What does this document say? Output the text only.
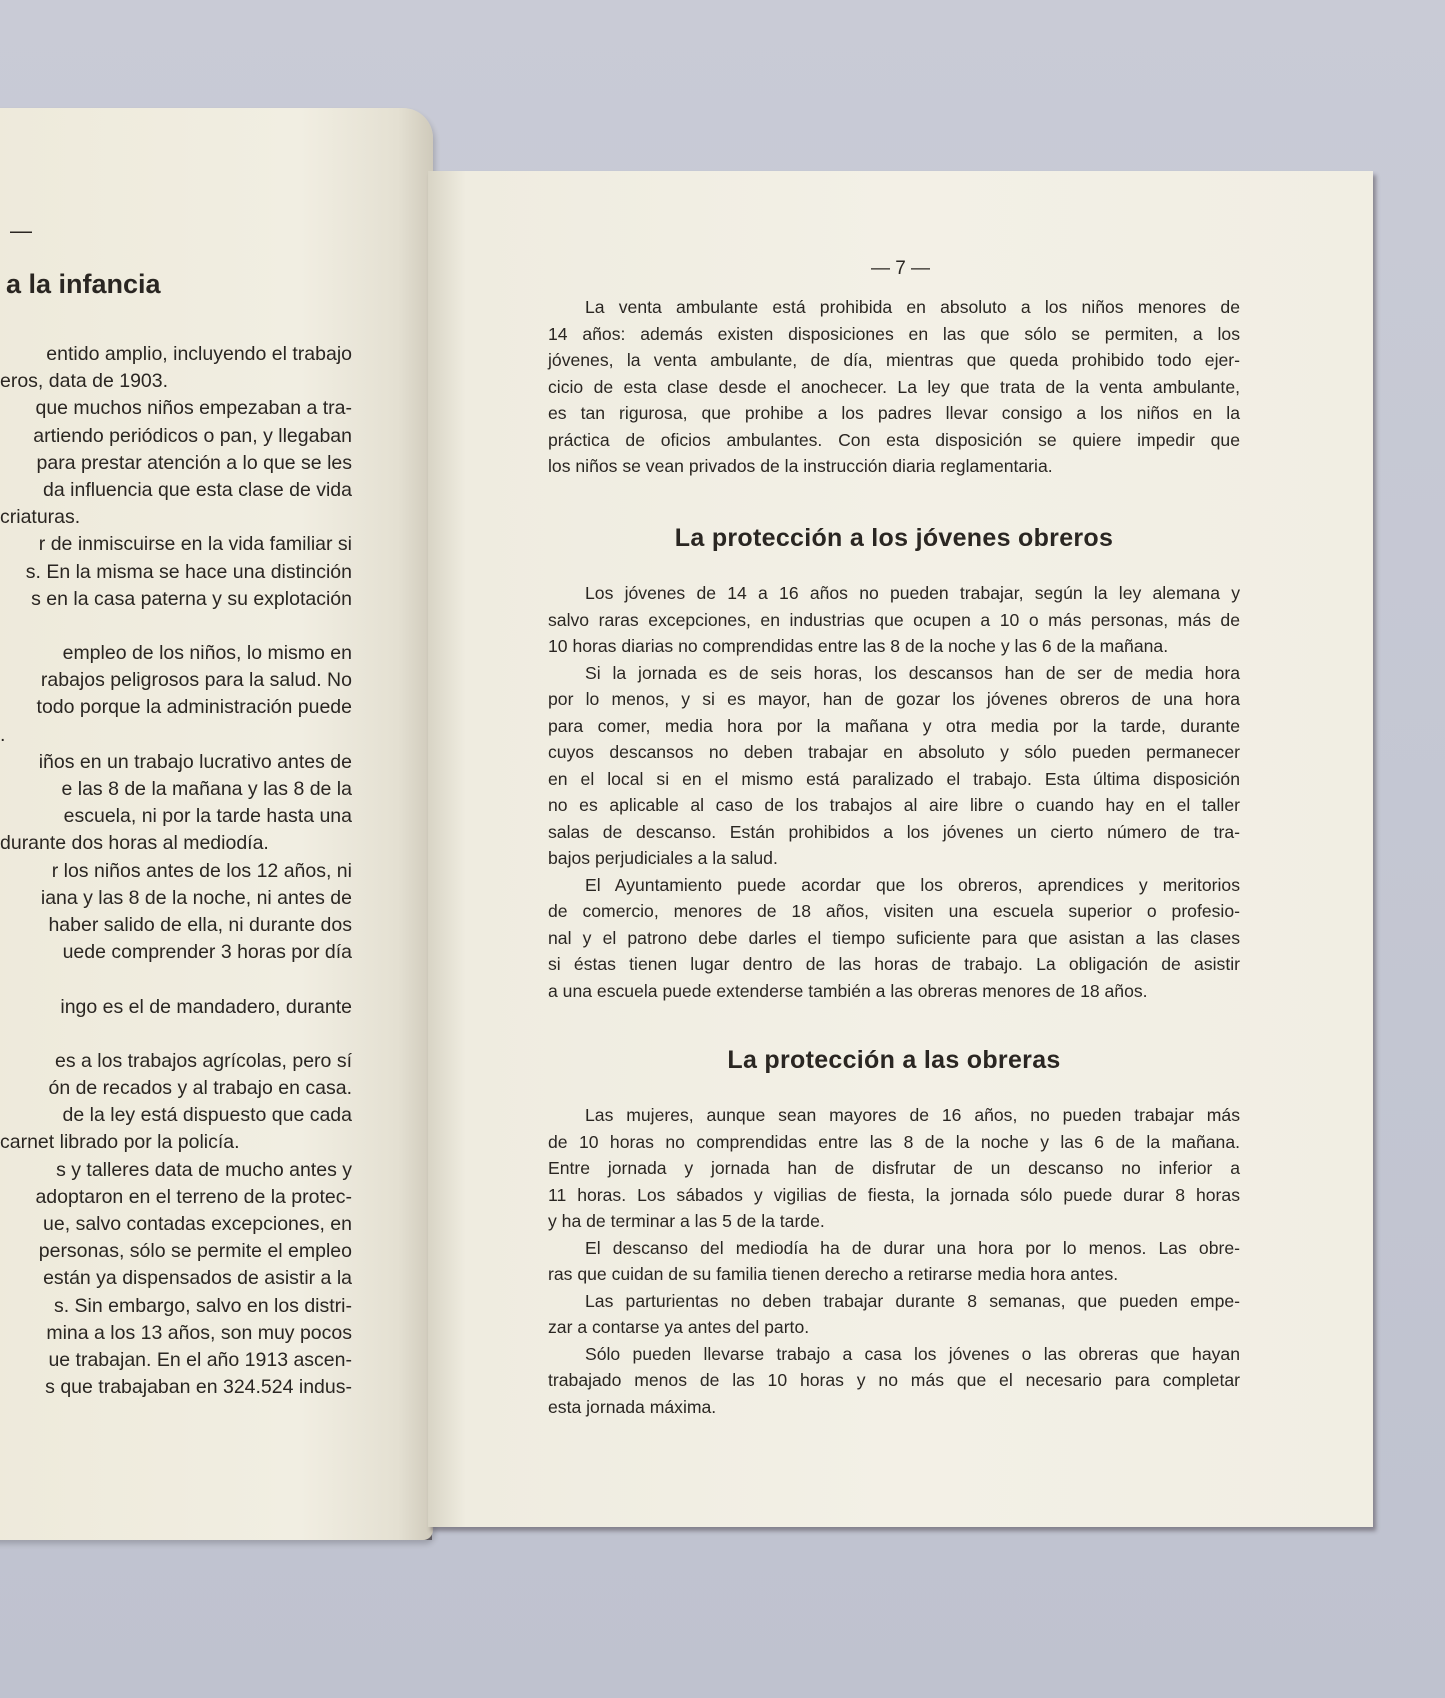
—
a la infancia
entido amplio, incluyendo el trabajo
eros, data de 1903.
que muchos niños empezaban a tra-
artiendo periódicos o pan, y llegaban
para prestar atención a lo que se les
da influencia que esta clase de vida
criaturas.
r de inmiscuirse en la vida familiar si
s. En la misma se hace una distinción
s en la casa paterna y su explotación
empleo de los niños, lo mismo en
rabajos peligrosos para la salud. No
todo porque la administración puede
.
iños en un trabajo lucrativo antes de
e las 8 de la mañana y las 8 de la
escuela, ni por la tarde hasta una
durante dos horas al mediodía.
r los niños antes de los 12 años, ni
iana y las 8 de la noche, ni antes de
haber salido de ella, ni durante dos
uede comprender 3 horas por día
ingo es el de mandadero, durante
es a los trabajos agrícolas, pero sí
ón de recados y al trabajo en casa.
de la ley está dispuesto que cada
carnet librado por la policía.
s y talleres data de mucho antes y
adoptaron en el terreno de la protec-
ue, salvo contadas excepciones, en
personas, sólo se permite el empleo
están ya dispensados de asistir a la
s. Sin embargo, salvo en los distri-
mina a los 13 años, son muy pocos
ue trabajan. En el año 1913 ascen-
s que trabajaban en 324.524 indus-
— 7 —
La venta ambulante está prohibida en absoluto a los niños menores de
14 años: además existen disposiciones en las que sólo se permiten, a los
jóvenes, la venta ambulante, de día, mientras que queda prohibido todo ejer-
cicio de esta clase desde el anochecer. La ley que trata de la venta ambulante,
es tan rigurosa, que prohibe a los padres llevar consigo a los niños en la
práctica de oficios ambulantes. Con esta disposición se quiere impedir que
los niños se vean privados de la instrucción diaria reglamentaria.
La protección a los jóvenes obreros
Los jóvenes de 14 a 16 años no pueden trabajar, según la ley alemana y
salvo raras excepciones, en industrias que ocupen a 10 o más personas, más de
10 horas diarias no comprendidas entre las 8 de la noche y las 6 de la mañana.
Si la jornada es de seis horas, los descansos han de ser de media hora
por lo menos, y si es mayor, han de gozar los jóvenes obreros de una hora
para comer, media hora por la mañana y otra media por la tarde, durante
cuyos descansos no deben trabajar en absoluto y sólo pueden permanecer
en el local si en el mismo está paralizado el trabajo. Esta última disposición
no es aplicable al caso de los trabajos al aire libre o cuando hay en el taller
salas de descanso. Están prohibidos a los jóvenes un cierto número de tra-
bajos perjudiciales a la salud.
El Ayuntamiento puede acordar que los obreros, aprendices y meritorios
de comercio, menores de 18 años, visiten una escuela superior o profesio-
nal y el patrono debe darles el tiempo suficiente para que asistan a las clases
si éstas tienen lugar dentro de las horas de trabajo. La obligación de asistir
a una escuela puede extenderse también a las obreras menores de 18 años.
La protección a las obreras
Las mujeres, aunque sean mayores de 16 años, no pueden trabajar más
de 10 horas no comprendidas entre las 8 de la noche y las 6 de la mañana.
Entre jornada y jornada han de disfrutar de un descanso no inferior a
11 horas. Los sábados y vigilias de fiesta, la jornada sólo puede durar 8 horas
y ha de terminar a las 5 de la tarde.
El descanso del mediodía ha de durar una hora por lo menos. Las obre-
ras que cuidan de su familia tienen derecho a retirarse media hora antes.
Las parturientas no deben trabajar durante 8 semanas, que pueden empe-
zar a contarse ya antes del parto.
Sólo pueden llevarse trabajo a casa los jóvenes o las obreras que hayan
trabajado menos de las 10 horas y no más que el necesario para completar
esta jornada máxima.
